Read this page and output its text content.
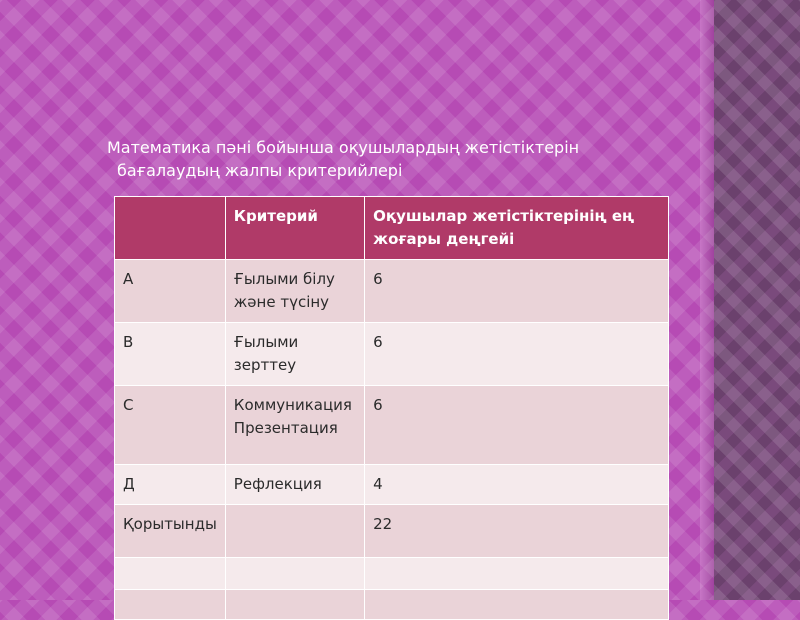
Математика пәні бойынша оқушылардың жетістіктерін
бағалаудың жалпы критерийлері
	Критерий	Оқушылар жетістіктерінің ең жоғары деңгейі
A	Ғылыми білу және түсіну	6
B	Ғылыми зерттеу	6
C	Коммуникация Презентация	6
Д	Рефлекция	4
Қорытынды		22
